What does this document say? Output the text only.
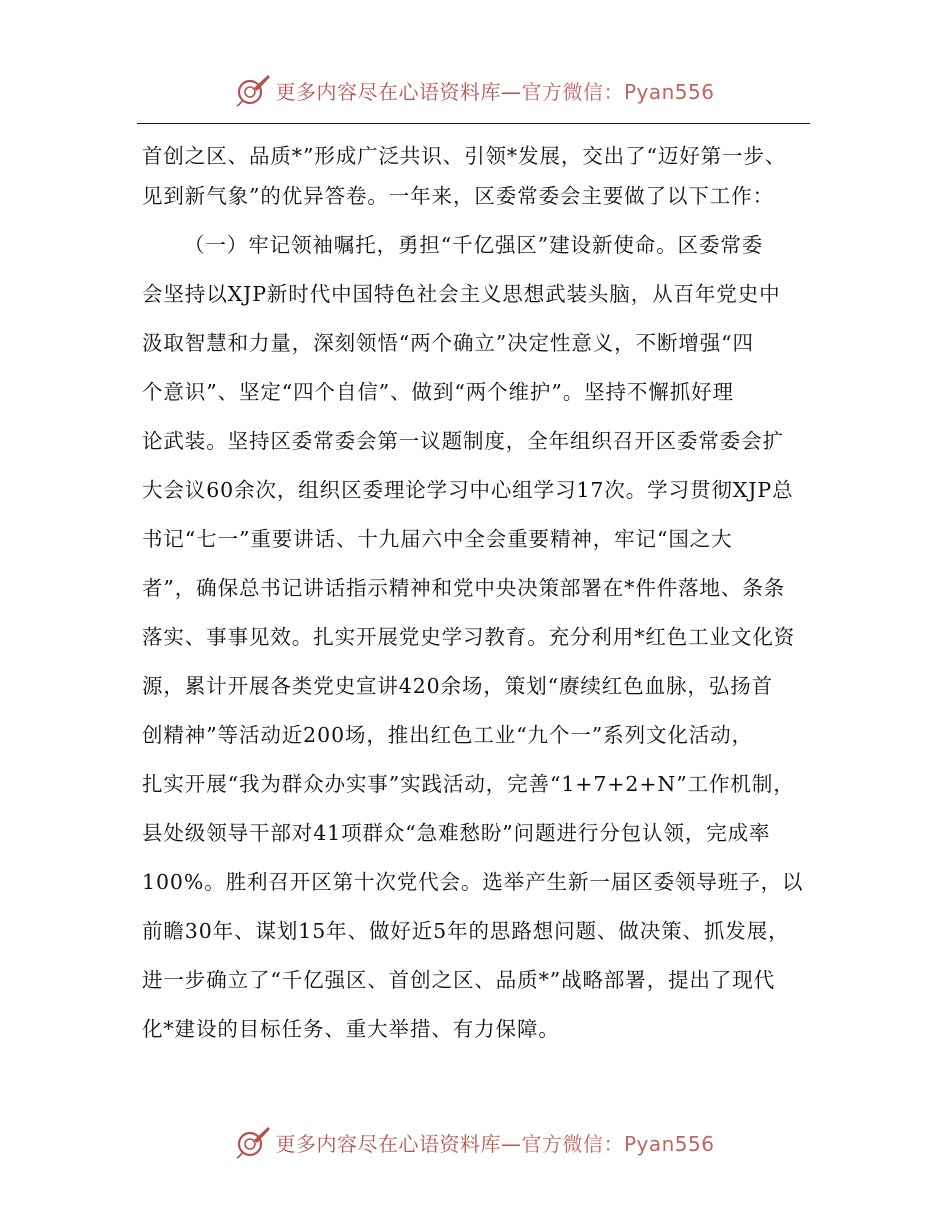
更多内容尽在心语资料库—官方微信：Pyan556
首创之区、品质*”形成广泛共识、引领*发展，交出了“迈好第一步、
见到新气象”的优异答卷。一年来，区委常委会主要做了以下工作：
（一）牢记领袖嘱托，勇担“千亿强区”建设新使命。区委常委
会坚持以XJP新时代中国特色社会主义思想武装头脑，从百年党史中
汲取智慧和力量，深刻领悟“两个确立”决定性意义，不断增强“四
个意识”、坚定“四个自信”、做到“两个维护”。坚持不懈抓好理
论武装。坚持区委常委会第一议题制度，全年组织召开区委常委会扩
大会议60余次，组织区委理论学习中心组学习17次。学习贯彻XJP总
书记“七一”重要讲话、十九届六中全会重要精神，牢记“国之大
者”，确保总书记讲话指示精神和党中央决策部署在*件件落地、条条
落实、事事见效。扎实开展党史学习教育。充分利用*红色工业文化资
源，累计开展各类党史宣讲420余场，策划“赓续红色血脉，弘扬首
创精神”等活动近200场，推出红色工业“九个一”系列文化活动，
扎实开展“我为群众办实事”实践活动，完善“1+7+2+N”工作机制，
县处级领导干部对41项群众“急难愁盼”问题进行分包认领，完成率
100%。胜利召开区第十次党代会。选举产生新一届区委领导班子，以
前瞻30年、谋划15年、做好近5年的思路想问题、做决策、抓发展，
进一步确立了“千亿强区、首创之区、品质*”战略部署，提出了现代
化*建设的目标任务、重大举措、有力保障。
更多内容尽在心语资料库—官方微信：Pyan556
